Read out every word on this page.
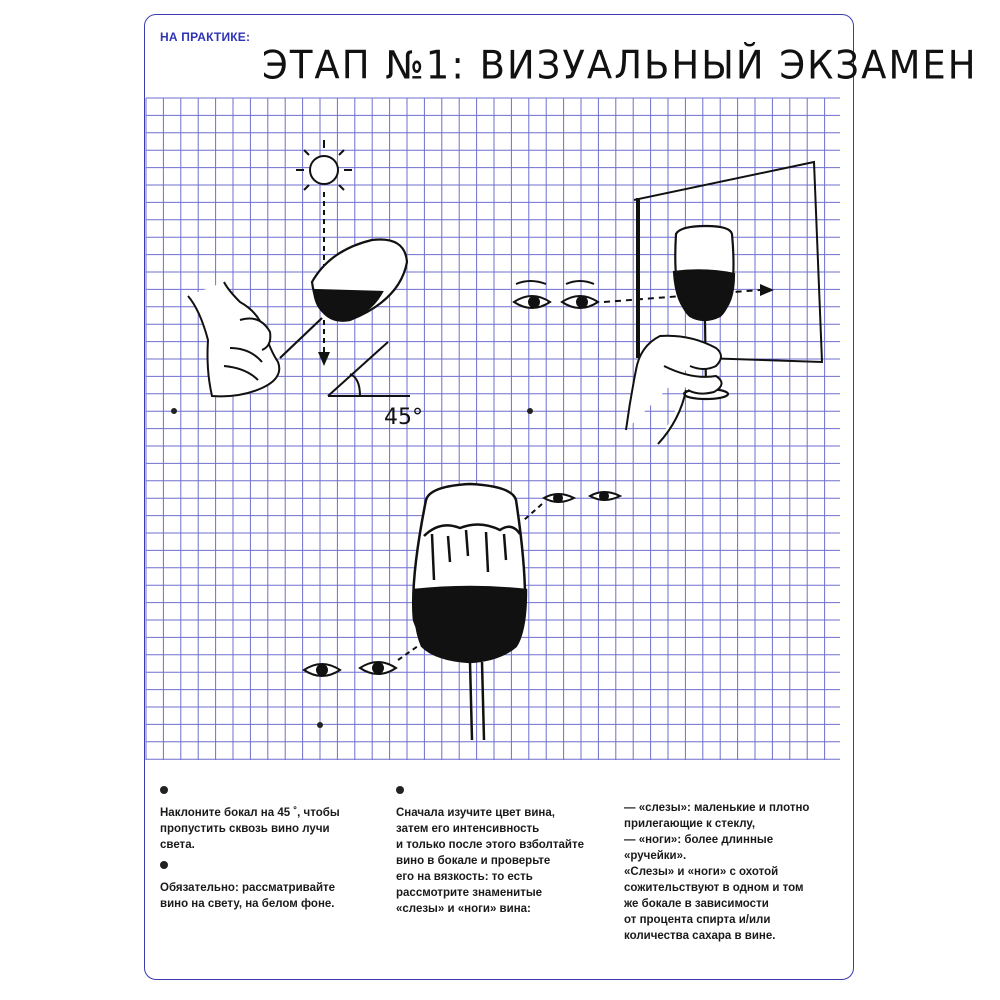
НА ПРАКТИКЕ:
ЭТАП №1: ВИЗУАЛЬНЫЙ ЭКЗАМЕН
45°

Наклоните бокал на 45 ˚, чтобы
пропустить сквозь вино лучи
света.

Обязательно: рассматривайте
вино на свету, на белом фоне.

Сначала изучите цвет вина,
затем его интенсивность
и только после этого взболтайте
вино в бокале и проверьте
его на вязкость: то есть
рассмотрите знаменитые
«слезы» и «ноги» вина:

— «слезы»: маленькие и плотно
прилегающие к стеклу,
— «ноги»: более длинные
«ручейки».
«Слезы» и «ноги» с охотой
сожительствуют в одном и том
же бокале в зависимости
от процента спирта и/или
количества сахара в вине.
